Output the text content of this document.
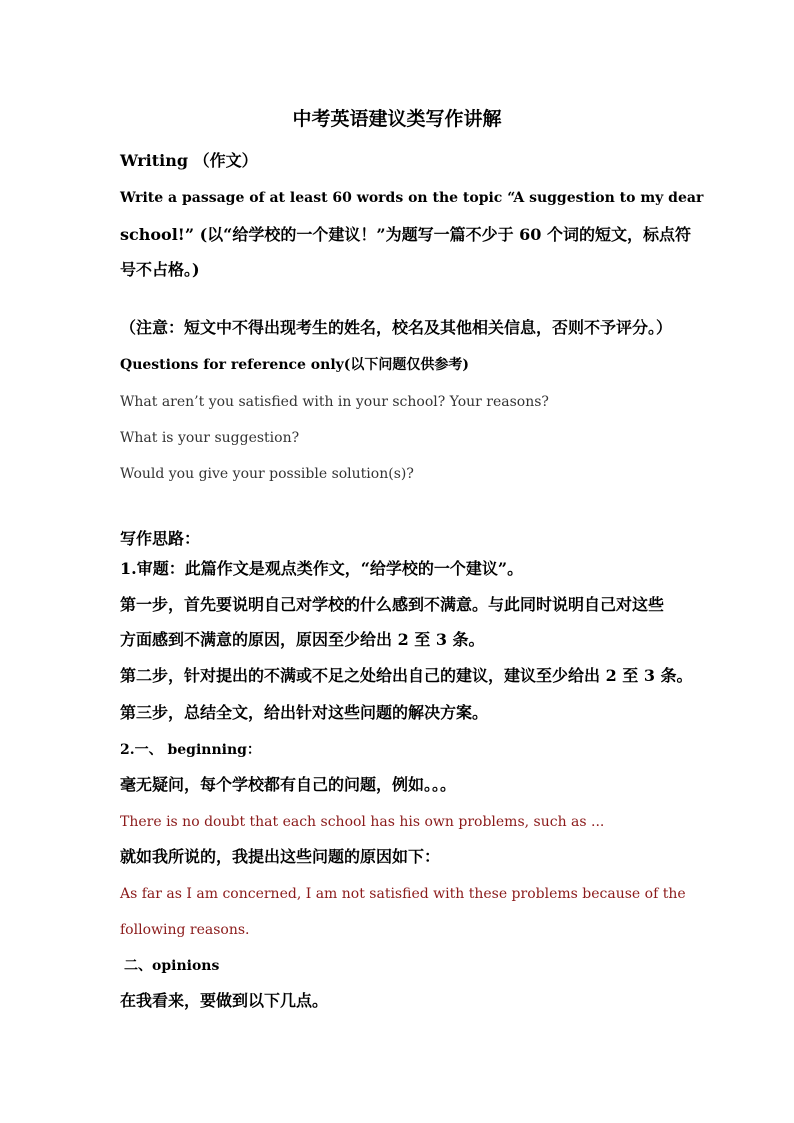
中考英语建议类写作讲解
Writing （作文）
Write a passage of at least 60 words on the topic “A suggestion to my dear
school!” (以“给学校的一个建议！”为题写一篇不少于 60 个词的短文，标点符
号不占格。)
（注意：短文中不得出现考生的姓名，校名及其他相关信息，否则不予评分。）
Questions for reference only(以下问题仅供参考)
What aren’t you satisfied with in your school? Your reasons?
What is your suggestion?
Would you give your possible solution(s)?
写作思路：
1.审题：此篇作文是观点类作文，“给学校的一个建议”。
第一步，首先要说明自己对学校的什么感到不满意。与此同时说明自己对这些
方面感到不满意的原因，原因至少给出 2 至 3 条。
第二步，针对提出的不满或不足之处给出自己的建议，建议至少给出 2 至 3 条。
第三步，总结全文，给出针对这些问题的解决方案。
2.一、 beginning：
毫无疑问，每个学校都有自己的问题，例如。。。
There is no doubt that each school has his own problems, such as ...
就如我所说的，我提出这些问题的原因如下：
As far as I am concerned, I am not satisfied with these problems because of the
following reasons.
二、opinions
在我看来，要做到以下几点。
